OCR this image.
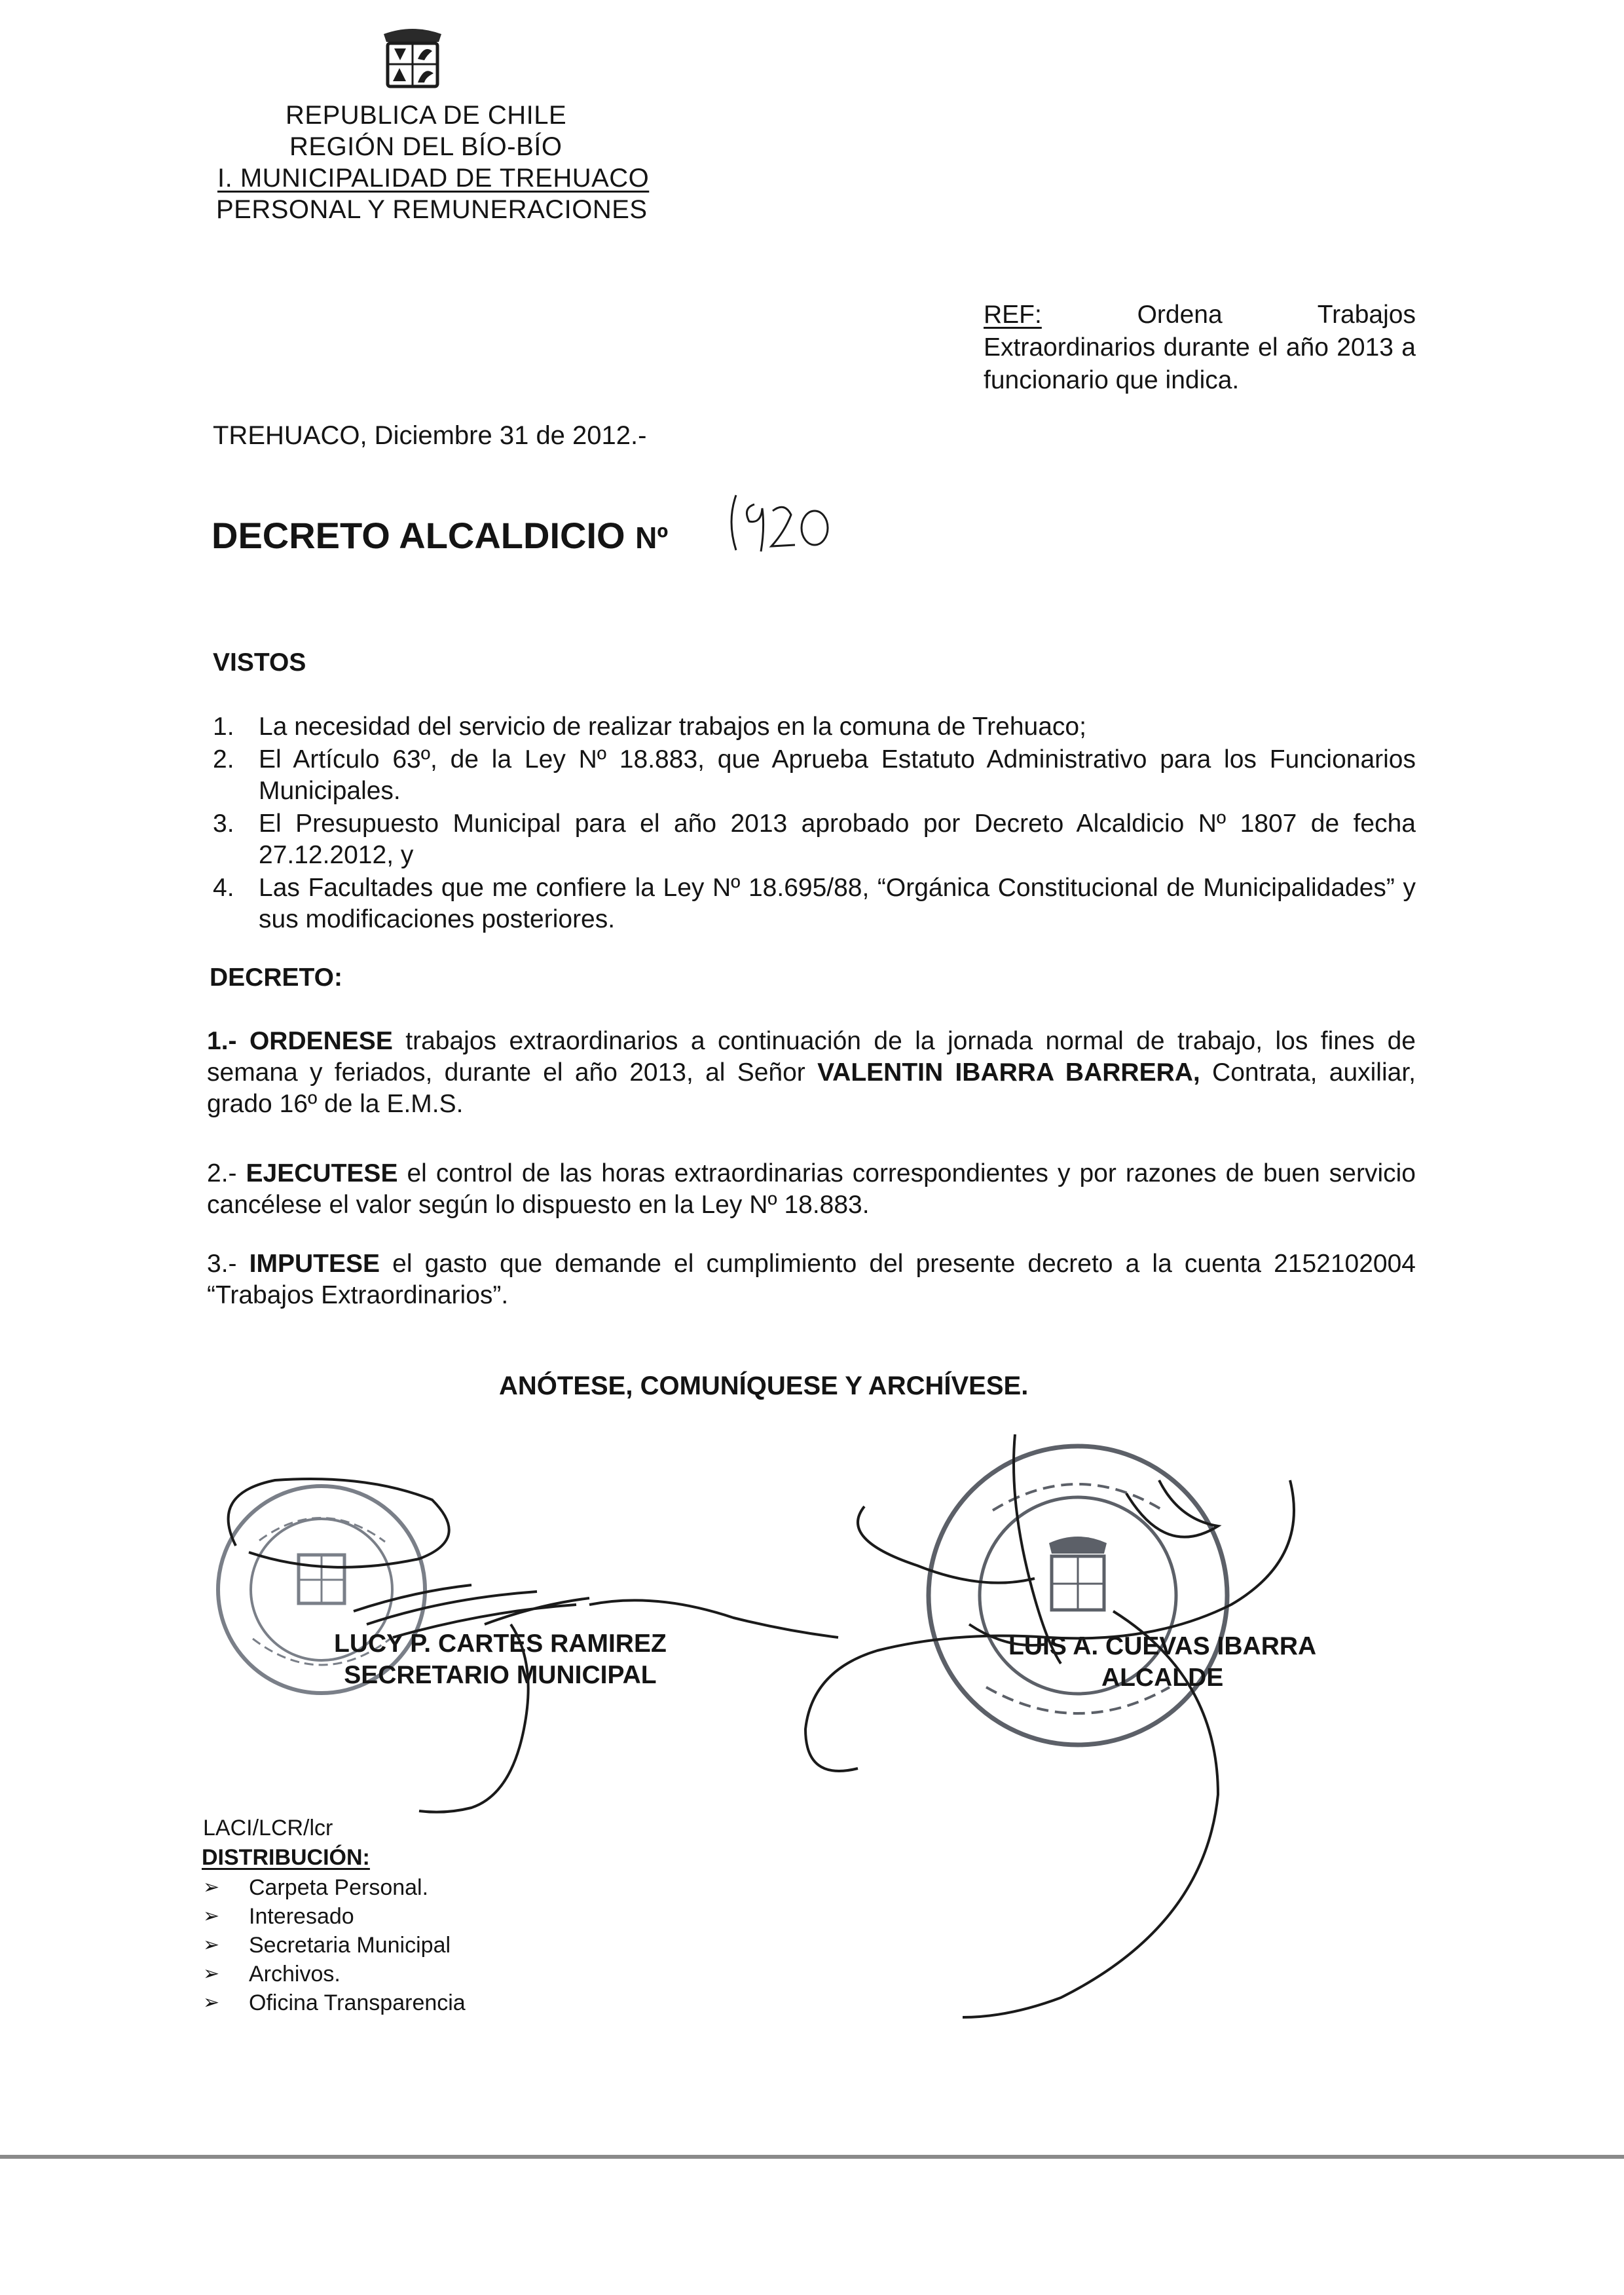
REPUBLICA DE CHILE
REGIÓN DEL BÍO-BÍO
I. MUNICIPALIDAD DE TREHUACO
PERSONAL Y REMUNERACIONES
REF:	Ordena Trabajos Extraordinarios durante el año 2013 a funcionario que indica.
TREHUACO, Diciembre 31 de 2012.-
DECRETO ALCALDICIO Nº
VISTOS
1. La necesidad del servicio de realizar trabajos en la comuna de Trehuaco;
2. El Artículo 63º, de la Ley Nº 18.883, que Aprueba Estatuto Administrativo para los Funcionarios Municipales.
3. El Presupuesto Municipal para el año 2013 aprobado por Decreto Alcaldicio Nº 1807 de fecha 27.12.2012, y
4. Las Facultades que me confiere la Ley Nº 18.695/88, “Orgánica Constitucional de Municipalidades” y sus modificaciones posteriores.
DECRETO:
1.- ORDENESE trabajos extraordinarios a continuación de la jornada normal de trabajo, los fines de semana y feriados, durante el año 2013, al Señor VALENTIN IBARRA BARRERA, Contrata, auxiliar, grado 16º de la E.M.S.
2.- EJECUTESE el control de las horas extraordinarias correspondientes y por razones de buen servicio cancélese el valor según lo dispuesto en la Ley Nº 18.883.
3.- IMPUTESE el gasto que demande el cumplimiento del presente decreto a la cuenta 2152102004 “Trabajos Extraordinarios”.
ANÓTESE, COMUNÍQUESE Y ARCHÍVESE.
LUCY P. CARTES RAMIREZ
SECRETARIO MUNICIPAL
LUIS A. CUEVAS IBARRA
ALCALDE
LACI/LCR/lcr
DISTRIBUCIÓN:
➢ Carpeta Personal.
➢ Interesado
➢ Secretaria Municipal
➢ Archivos.
➢ Oficina Transparencia
